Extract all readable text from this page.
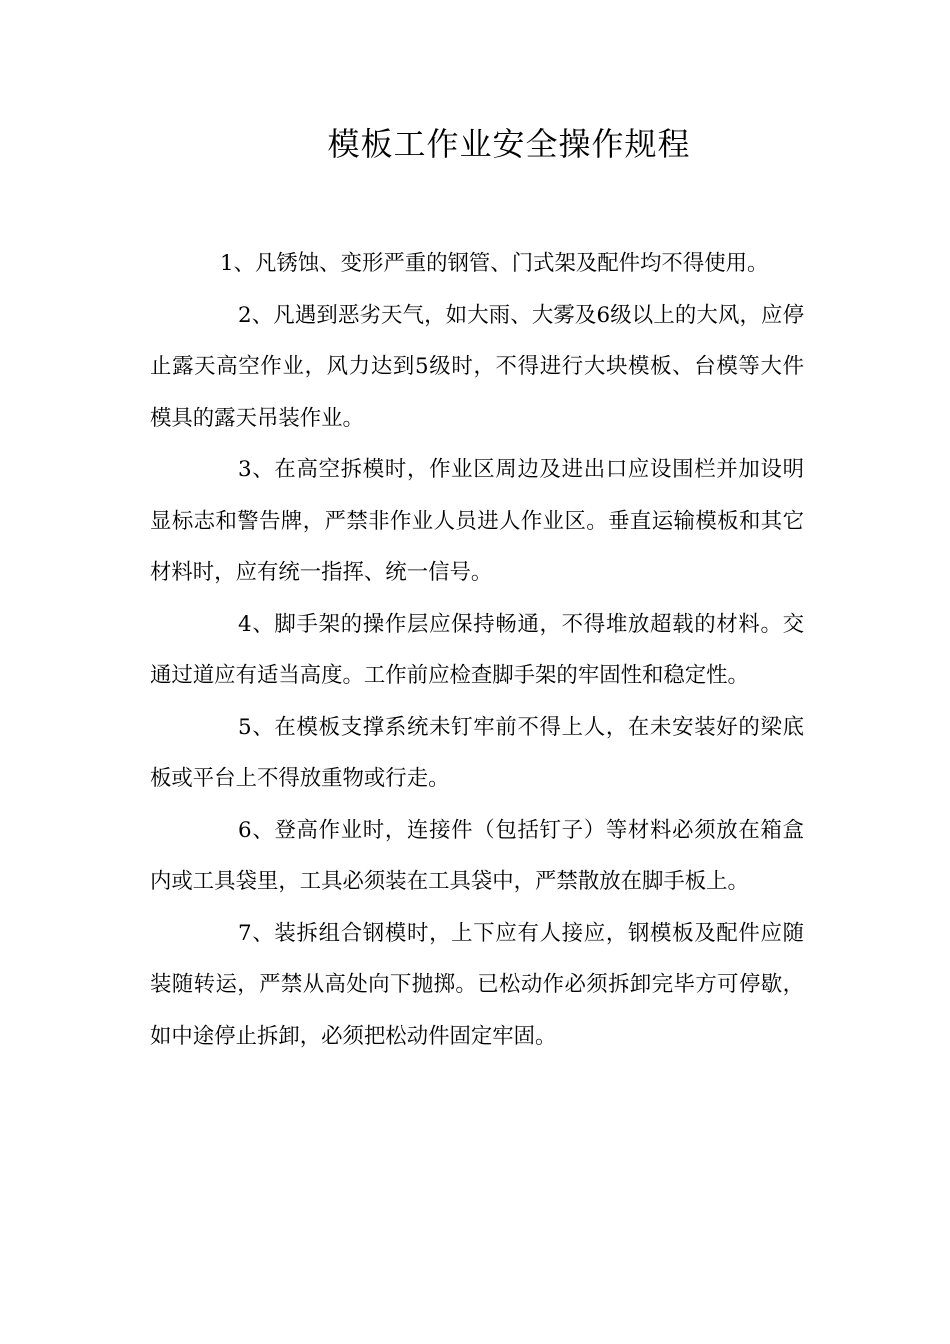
模板工作业安全操作规程

1、凡锈蚀、变形严重的钢管、门式架及配件均不得使用。

2、凡遇到恶劣天气，如大雨、大雾及6级以上的大风，应停止露天高空作业，风力达到5级时，不得进行大块模板、台模等大件模具的露天吊装作业。

3、在高空拆模时，作业区周边及进出口应设围栏并加设明显标志和警告牌，严禁非作业人员进人作业区。垂直运输模板和其它材料时，应有统一指挥、统一信号。

4、脚手架的操作层应保持畅通，不得堆放超载的材料。交通过道应有适当高度。工作前应检查脚手架的牢固性和稳定性。

5、在模板支撑系统未钉牢前不得上人，在未安装好的梁底板或平台上不得放重物或行走。

6、登高作业时，连接件（包括钉子）等材料必须放在箱盒内或工具袋里，工具必须装在工具袋中，严禁散放在脚手板上。

7、装拆组合钢模时，上下应有人接应，钢模板及配件应随装随转运，严禁从高处向下抛掷。已松动作必须拆卸完毕方可停歇，如中途停止拆卸，必须把松动件固定牢固。
